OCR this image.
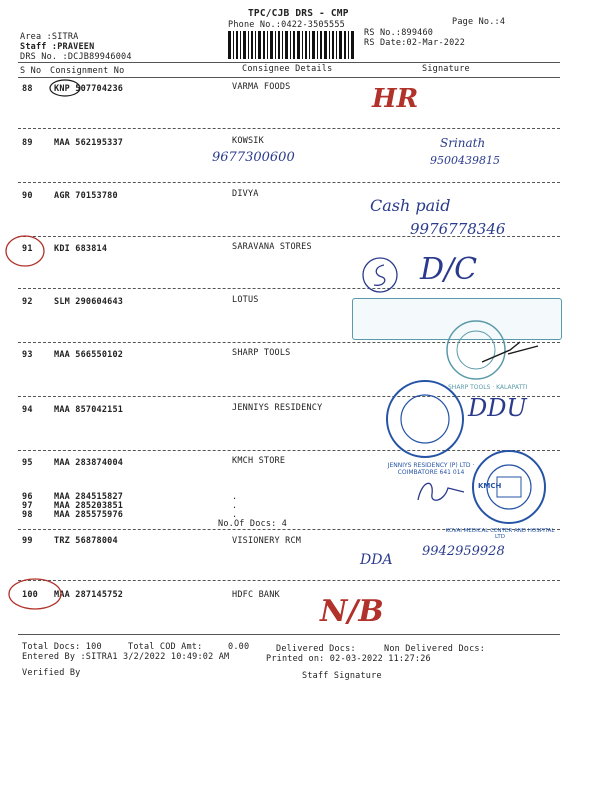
TPC/CJB DRS - CMP
Phone No.:0422-3505555	Page No.:4
RS No.:899460
RS Date:02-Mar-2022
Area :SITRA
Staff :PRAVEEN
DRS No. :DCJB89946004
S No Consignment No	Consignee Details	Signature
88	KNP 507704236	VARMA FOODS
89	MAA 562195337	KOWSIK
90	AGR 70153780	DIVYA
91	KDI 683814	SARAVANA STORES
92	SLM 290604643	LOTUS
93	MAA 566550102	SHARP TOOLS
94	MAA 857042151	JENNIYS RESIDENCY
95	MAA 283874004	KMCH STORE
96	MAA 284515827	.
97	MAA 285203851	.
98	MAA 285575976	.
No.Of Docs: 4
99	TRZ 56878004	VISIONERY RCM
100 MAA 287145752	HDFC BANK
Total Docs: 100	Total COD Amt:	0.00	Delivered Docs:	Non Delivered Docs:
Entered By :SITRA1 3/2/2022 10:49:02 AM	Printed on: 02-03-2022 11:27:26
Verified By	Staff Signature
HR
9677300600
Srinath
9500439815
Cash paid
9976778346
D/C
SHARP TOOLS · KALAPATTI
JENNIYS RESIDENCY (P) LTD · COIMBATORE 641 014
DDU
KMCH
KOVAI MEDICAL CENTER AND HOSPITAL LTD
DDA
9942959928
N/B
